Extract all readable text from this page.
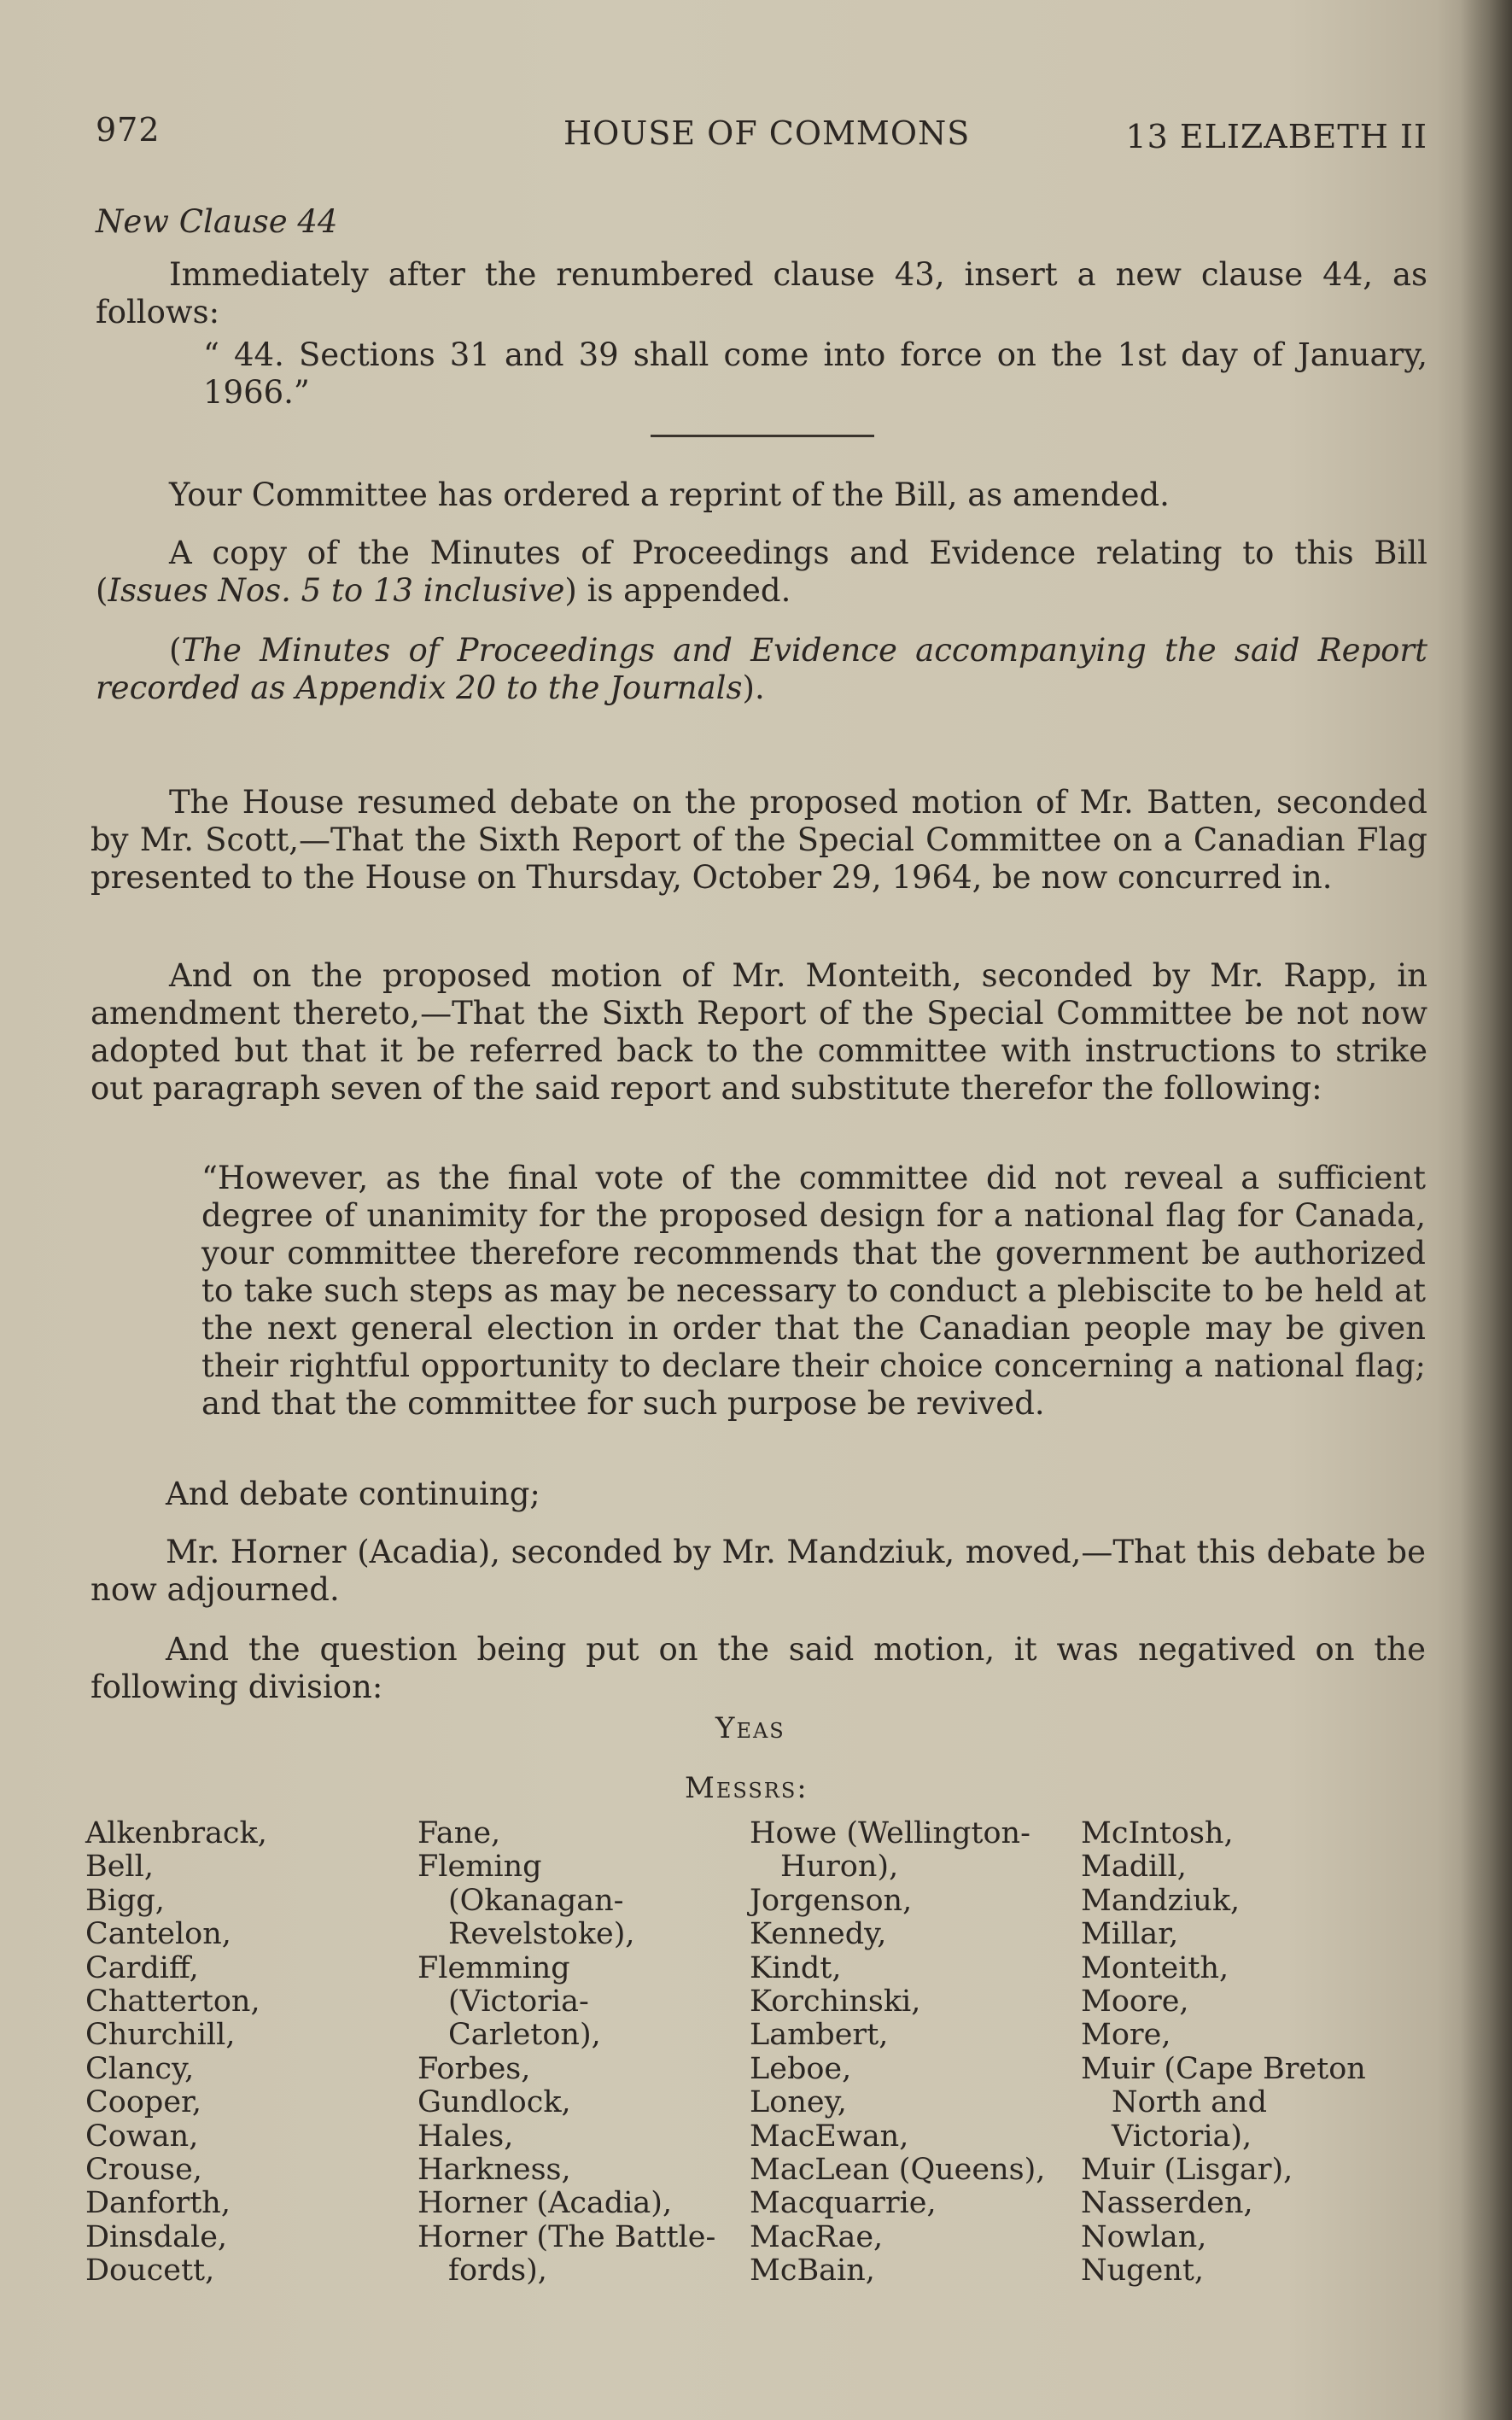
972	HOUSE OF COMMONS	13 ELIZABETH II
New Clause 44
Immediately after the renumbered clause 43, insert a new clause 44, as follows:
“ 44. Sections 31 and 39 shall come into force on the 1st day of January, 1966.”
Your Committee has ordered a reprint of the Bill, as amended.
A copy of the Minutes of Proceedings and Evidence relating to this Bill (Issues Nos. 5 to 13 inclusive) is appended.
(The Minutes of Proceedings and Evidence accompanying the said Report recorded as Appendix 20 to the Journals).
The House resumed debate on the proposed motion of Mr. Batten, seconded by Mr. Scott,—That the Sixth Report of the Special Committee on a Canadian Flag presented to the House on Thursday, October 29, 1964, be now concurred in.
And on the proposed motion of Mr. Monteith, seconded by Mr. Rapp, in amendment thereto,—That the Sixth Report of the Special Committee be not now adopted but that it be referred back to the committee with instructions to strike out paragraph seven of the said report and substitute therefor the following:
“However, as the final vote of the committee did not reveal a sufficient degree of unanimity for the proposed design for a national flag for Canada, your committee therefore recommends that the government be authorized to take such steps as may be necessary to conduct a plebiscite to be held at the next general election in order that the Canadian people may be given their rightful opportunity to declare their choice concerning a national flag; and that the committee for such purpose be revived.
And debate continuing;
Mr. Horner (Acadia), seconded by Mr. Mandziuk, moved,—That this debate be now adjourned.
And the question being put on the said motion, it was negatived on the following division:
Yeas
Messrs:
Alkenbrack,
Bell,
Bigg,
Cantelon,
Cardiff,
Chatterton,
Churchill,
Clancy,
Cooper,
Cowan,
Crouse,
Danforth,
Dinsdale,
Doucett,
Fane,
Fleming
(Okanagan-
Revelstoke),
Flemming
(Victoria-
Carleton),
Forbes,
Gundlock,
Hales,
Harkness,
Horner (Acadia),
Horner (The Battle-
fords),
Howe (Wellington-
Huron),
Jorgenson,
Kennedy,
Kindt,
Korchinski,
Lambert,
Leboe,
Loney,
MacEwan,
MacLean (Queens),
Macquarrie,
MacRae,
McBain,
McIntosh,
Madill,
Mandziuk,
Millar,
Monteith,
Moore,
More,
Muir (Cape Breton
North and
Victoria),
Muir (Lisgar),
Nasserden,
Nowlan,
Nugent,
